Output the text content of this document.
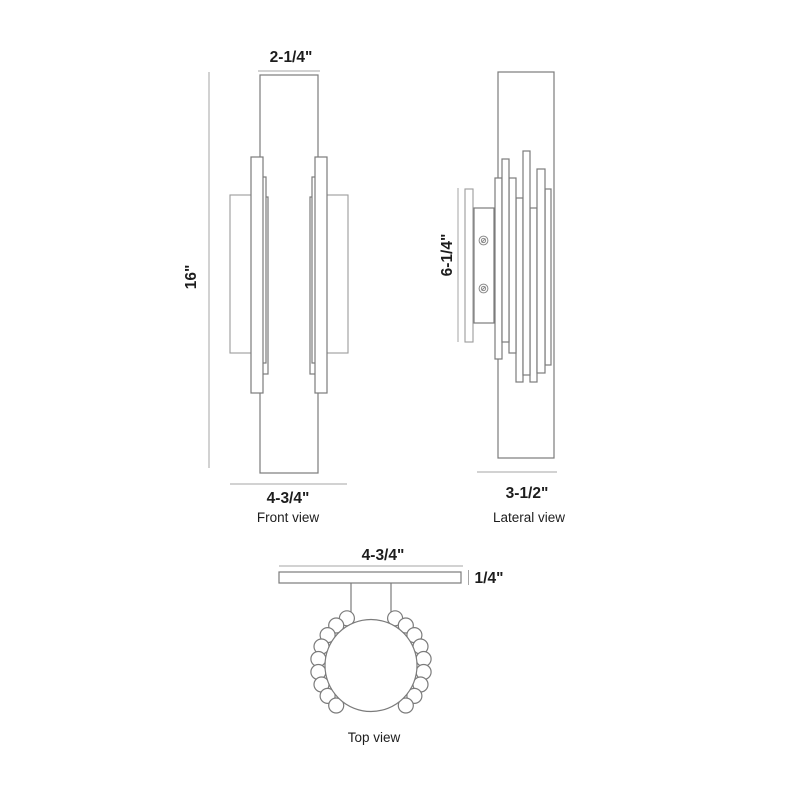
2-1/4"
16"
4-3/4"
Front view
6-1/4"
3-1/2"
Lateral view
4-3/4"
1/4"
Top view
